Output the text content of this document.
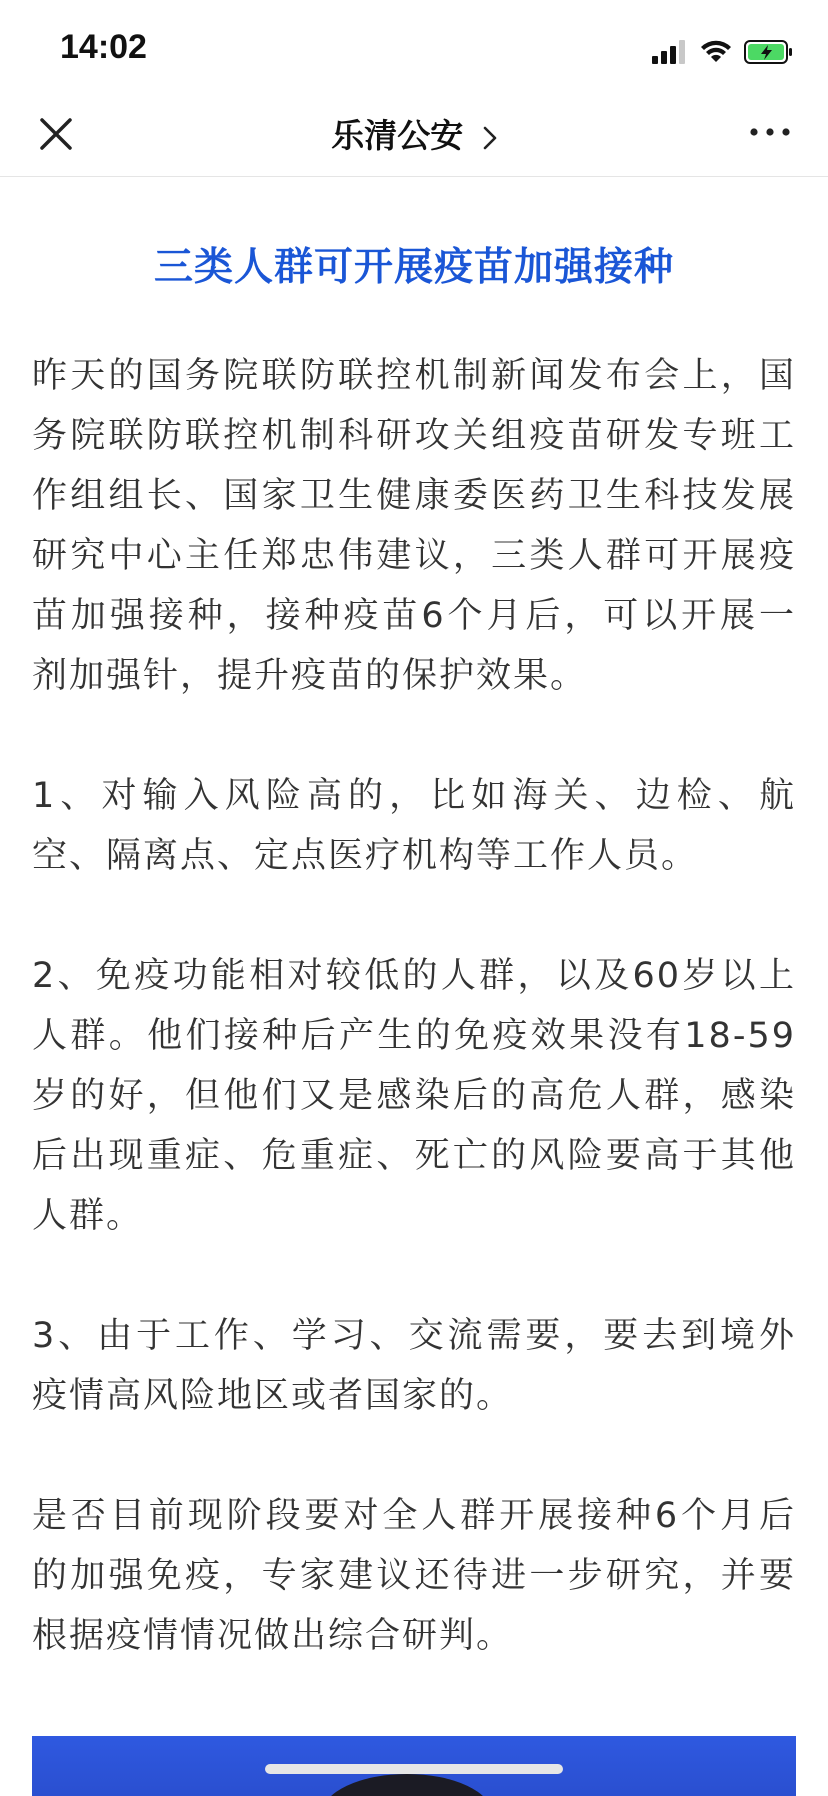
14:02
乐清公安
三类人群可开展疫苗加强接种

昨天的国务院联防联控机制新闻发布会上，国务院联防联控机制科研攻关组疫苗研发专班工作组组长、国家卫生健康委医药卫生科技发展研究中心主任郑忠伟建议，三类人群可开展疫苗加强接种，接种疫苗6个月后，可以开展一剂加强针，提升疫苗的保护效果。

1、对输入风险高的，比如海关、边检、航空、隔离点、定点医疗机构等工作人员。

2、免疫功能相对较低的人群，以及60岁以上人群。他们接种后产生的免疫效果没有18-59岁的好，但他们又是感染后的高危人群，感染后出现重症、危重症、死亡的风险要高于其他人群。

3、由于工作、学习、交流需要，要去到境外疫情高风险地区或者国家的。

是否目前现阶段要对全人群开展接种6个月后的加强免疫，专家建议还待进一步研究，并要根据疫情情况做出综合研判。
